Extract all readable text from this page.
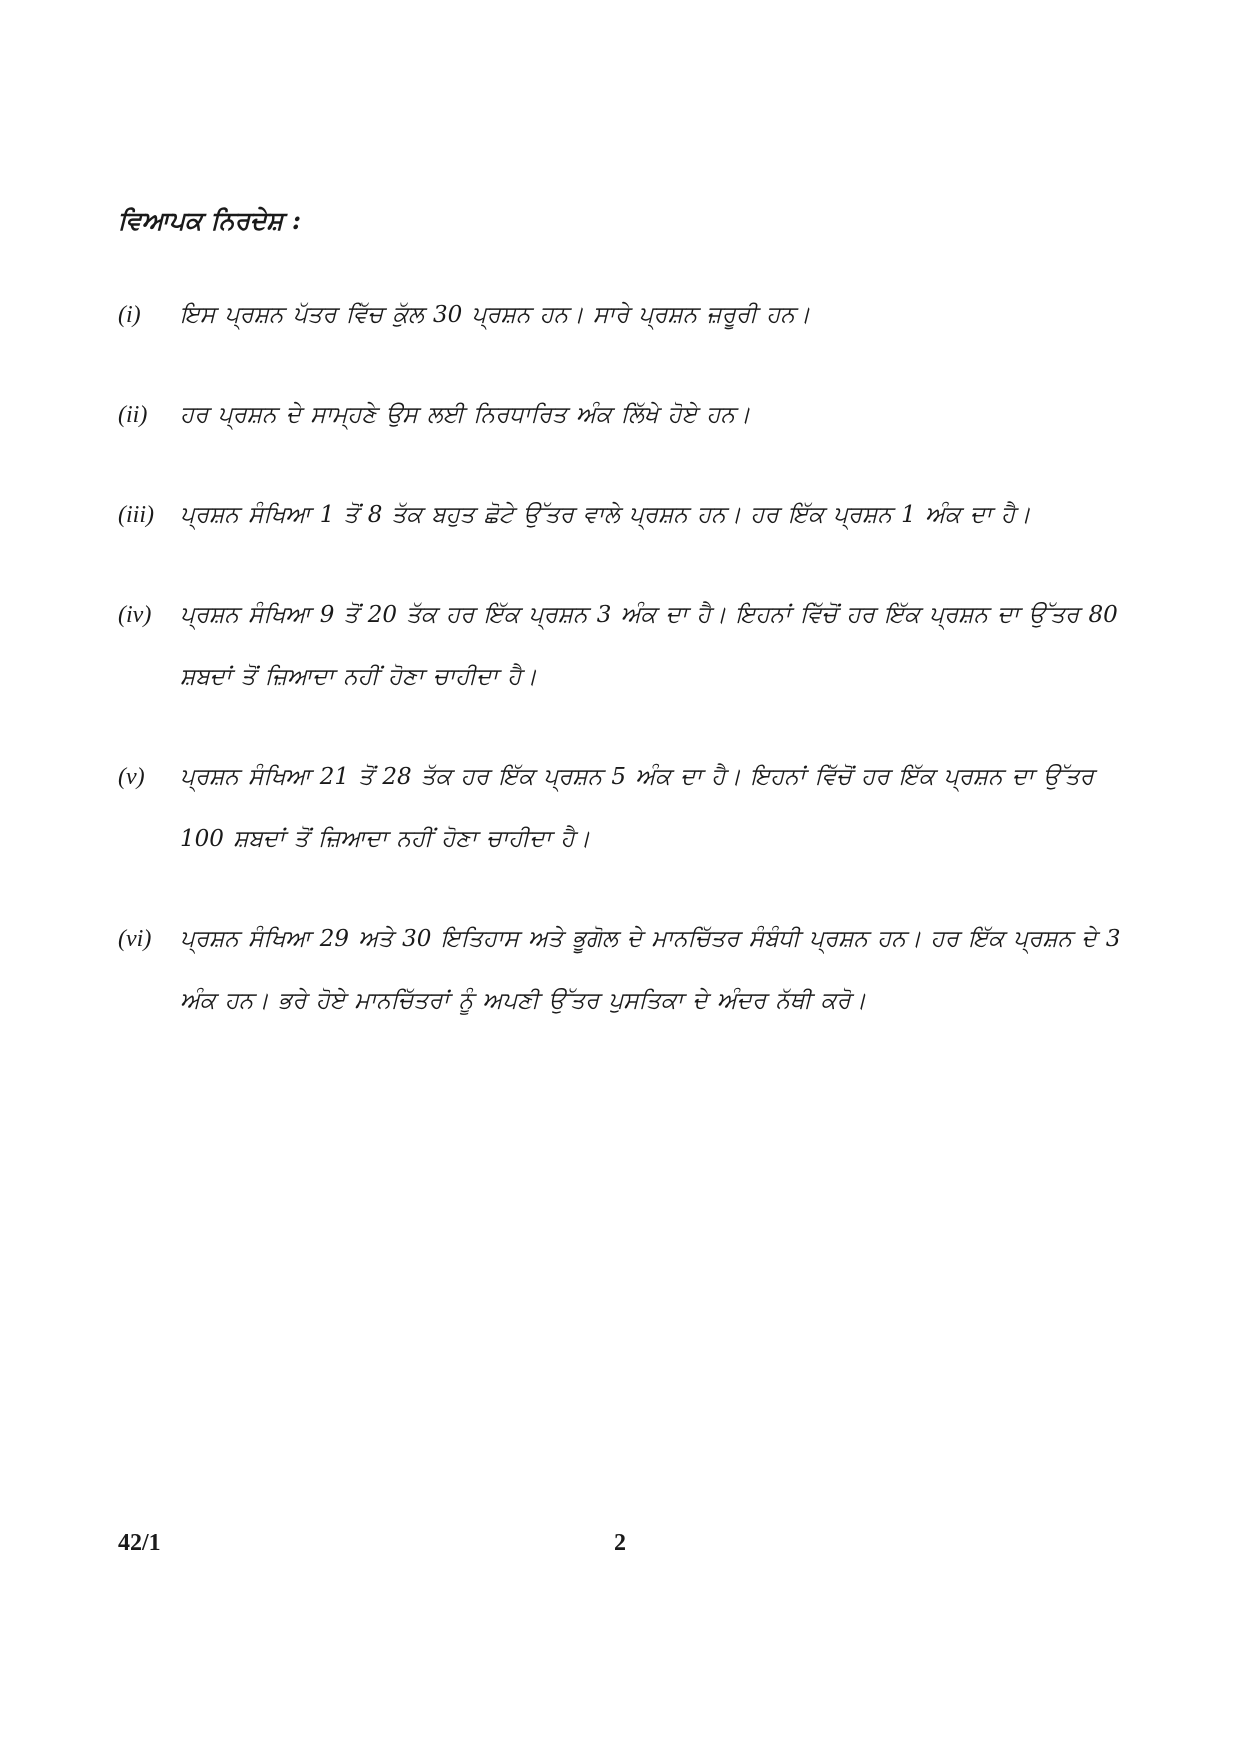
ਵਿਆਪਕ ਨਿਰਦੇਸ਼ :
(i)	ਇਸ ਪ੍ਰਸ਼ਨ ਪੱਤਰ ਵਿੱਚ ਕੁੱਲ 30 ਪ੍ਰਸ਼ਨ ਹਨ। ਸਾਰੇ ਪ੍ਰਸ਼ਨ ਜ਼ਰੂਰੀ ਹਨ।
(ii)	ਹਰ ਪ੍ਰਸ਼ਨ ਦੇ ਸਾਮ੍ਹਣੇ ਉਸ ਲਈ ਨਿਰਧਾਰਿਤ ਅੰਕ ਲਿੱਖੇ ਹੋਏ ਹਨ।
(iii)	ਪ੍ਰਸ਼ਨ ਸੰਖਿਆ 1 ਤੋਂ 8 ਤੱਕ ਬਹੁਤ ਛੋਟੇ ਉੱਤਰ ਵਾਲੇ ਪ੍ਰਸ਼ਨ ਹਨ। ਹਰ ਇੱਕ ਪ੍ਰਸ਼ਨ 1 ਅੰਕ ਦਾ ਹੈ।
(iv)	ਪ੍ਰਸ਼ਨ ਸੰਖਿਆ 9 ਤੋਂ 20 ਤੱਕ ਹਰ ਇੱਕ ਪ੍ਰਸ਼ਨ 3 ਅੰਕ ਦਾ ਹੈ। ਇਹਨਾਂ ਵਿੱਚੋਂ ਹਰ ਇੱਕ ਪ੍ਰਸ਼ਨ ਦਾ ਉੱਤਰ 80 ਸ਼ਬਦਾਂ ਤੋਂ ਜ਼ਿਆਦਾ ਨਹੀਂ ਹੋਣਾ ਚਾਹੀਦਾ ਹੈ।
(v)	ਪ੍ਰਸ਼ਨ ਸੰਖਿਆ 21 ਤੋਂ 28 ਤੱਕ ਹਰ ਇੱਕ ਪ੍ਰਸ਼ਨ 5 ਅੰਕ ਦਾ ਹੈ। ਇਹਨਾਂ ਵਿੱਚੋਂ ਹਰ ਇੱਕ ਪ੍ਰਸ਼ਨ ਦਾ ਉੱਤਰ 100 ਸ਼ਬਦਾਂ ਤੋਂ ਜ਼ਿਆਦਾ ਨਹੀਂ ਹੋਣਾ ਚਾਹੀਦਾ ਹੈ।
(vi)	ਪ੍ਰਸ਼ਨ ਸੰਖਿਆ 29 ਅਤੇ 30 ਇਤਿਹਾਸ ਅਤੇ ਭੂਗੋਲ ਦੇ ਮਾਨਚਿੱਤਰ ਸੰਬੰਧੀ ਪ੍ਰਸ਼ਨ ਹਨ। ਹਰ ਇੱਕ ਪ੍ਰਸ਼ਨ ਦੇ 3 ਅੰਕ ਹਨ। ਭਰੇ ਹੋਏ ਮਾਨਚਿੱਤਰਾਂ ਨੂੰ ਅਪਣੀ ਉੱਤਰ ਪੁਸਤਿਕਾ ਦੇ ਅੰਦਰ ਨੱਥੀ ਕਰੋ।
42/1	2
